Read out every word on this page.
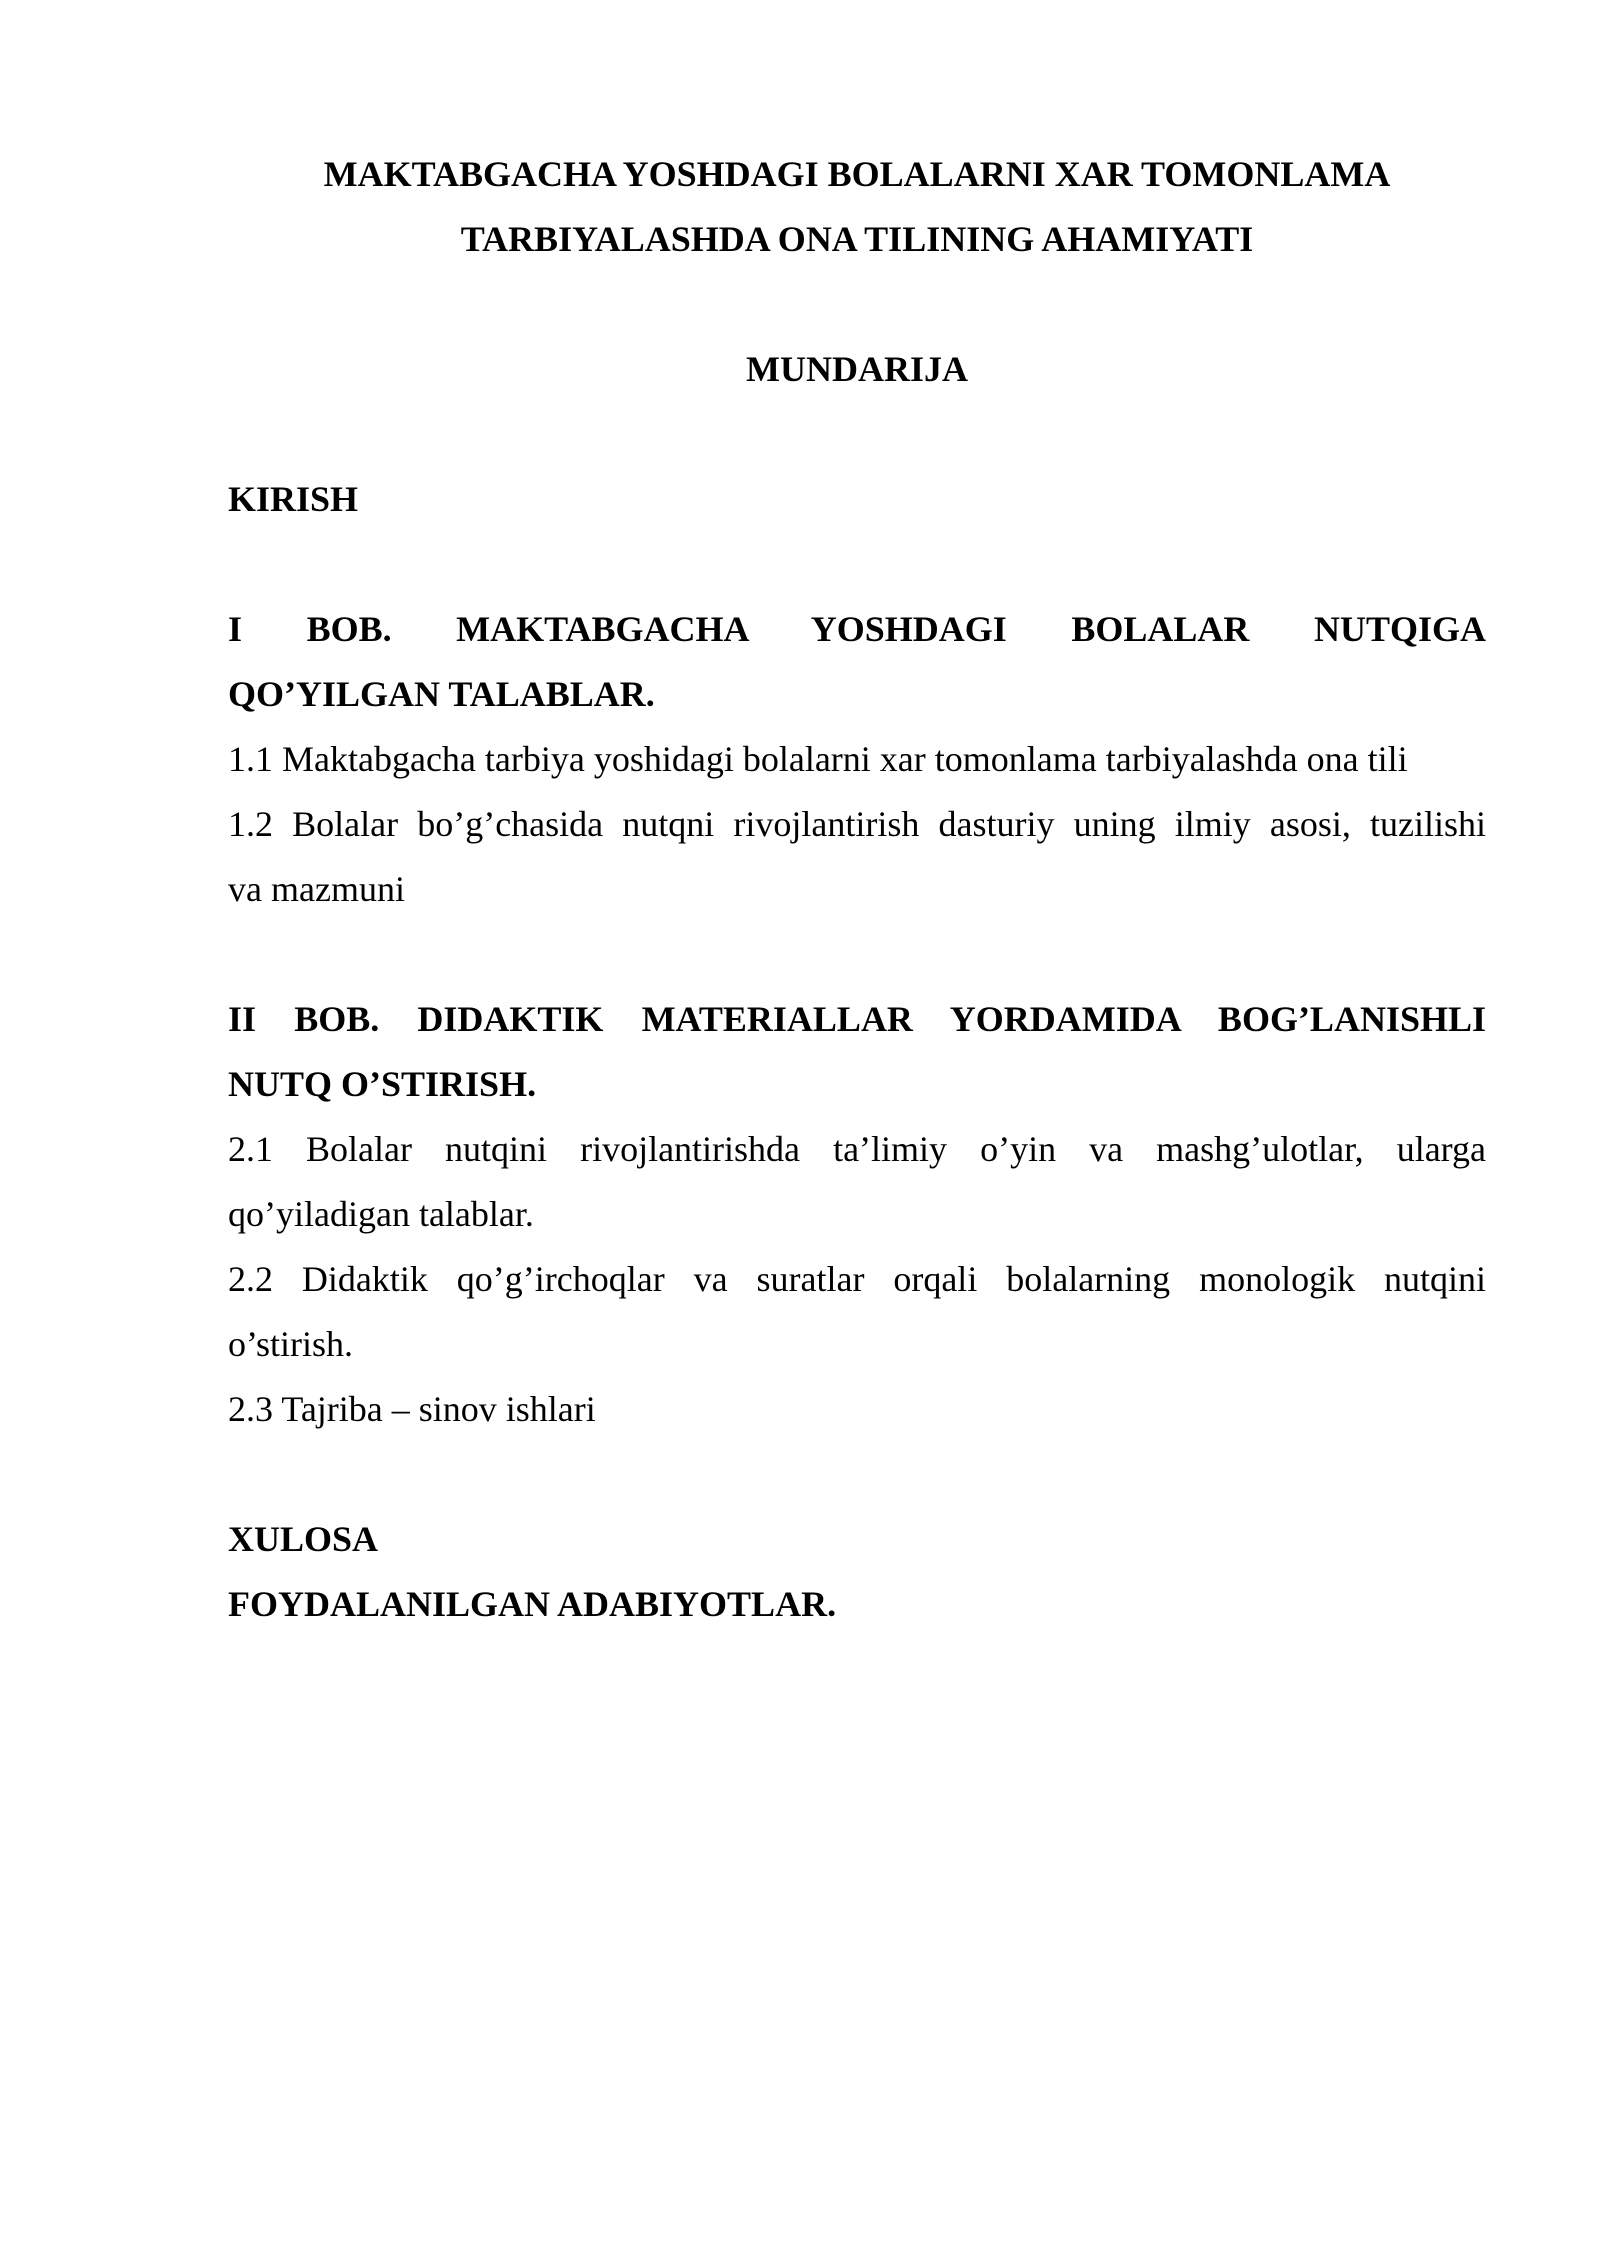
MAKTABGACHA YOSHDAGI BOLALARNI XAR TOMONLAMA
TARBIYALASHDA ONA TILINING AHAMIYATI
MUNDARIJA
KIRISH
I BOB. MAKTABGACHA YOSHDAGI BOLALAR NUTQIGA
QO’YILGAN TALABLAR.
1.1 Maktabgacha tarbiya yoshidagi bolalarni xar tomonlama tarbiyalashda ona tili
1.2 Bolalar bo’g’chasida nutqni rivojlantirish dasturiy uning ilmiy asosi, tuzilishi
va mazmuni
II BOB. DIDAKTIK MATERIALLAR YORDAMIDA BOG’LANISHLI
NUTQ O’STIRISH.
2.1 Bolalar nutqini rivojlantirishda ta’limiy o’yin va mashg’ulotlar, ularga
qo’yiladigan talablar.
2.2 Didaktik qo’g’irchoqlar va suratlar orqali bolalarning monologik nutqini
o’stirish.
2.3 Tajriba – sinov ishlari
XULOSA
FOYDALANILGAN ADABIYOTLAR.
